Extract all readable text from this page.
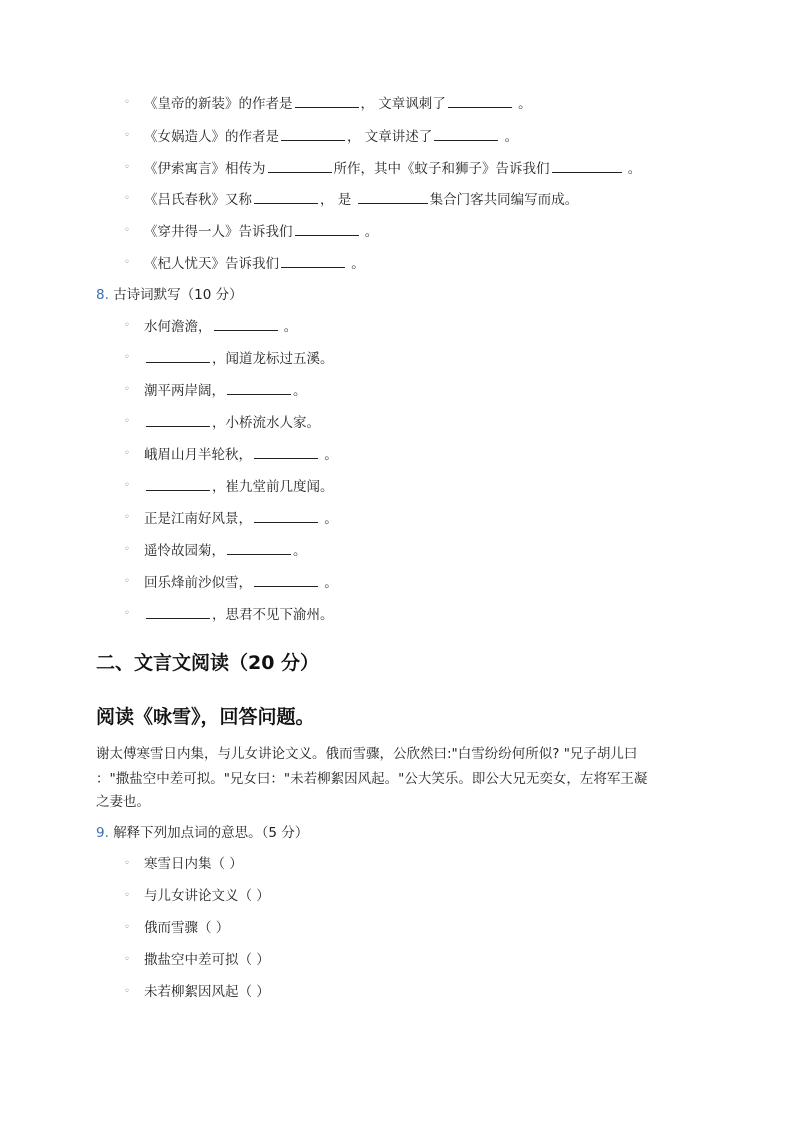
◦ 《皇帝的新装》的作者是	， 文章讽刺了	。
◦ 《女娲造人》的作者是	， 文章讲述了	。
◦ 《伊索寓言》相传为	所作，其中《蚊子和狮子》告诉我们	。
◦ 《吕氏春秋》又称	， 是	集合门客共同编写而成。
◦ 《穿井得一人》告诉我们	。
◦ 《杞人忧天》告诉我们	。
8. 古诗词默写（10 分）
◦ 水何澹澹，	。
◦	，闻道龙标过五溪。
◦ 潮平两岸阔，	。
◦	，小桥流水人家。
◦ 峨眉山月半轮秋，	。
◦	，崔九堂前几度闻。
◦ 正是江南好风景，	。
◦ 遥怜故园菊，	。
◦ 回乐烽前沙似雪，	。
◦	，思君不见下渝州。
二、文言文阅读（20 分）
阅读《咏雪》，回答问题。
谢太傅寒雪日内集，与儿女讲论文义。俄而雪骤，公欣然曰:"白雪纷纷何所似? "兄子胡儿曰
："撒盐空中差可拟。"兄女曰："未若柳絮因风起。"公大笑乐。即公大兄无奕女，左将军王凝
之妻也。
9. 解释下列加点词的意思。（5 分）
◦ 寒雪日内集（ ）
◦ 与儿女讲论文义（ ）
◦ 俄而雪骤（ ）
◦ 撒盐空中差可拟（ ）
◦ 未若柳絮因风起（ ）
